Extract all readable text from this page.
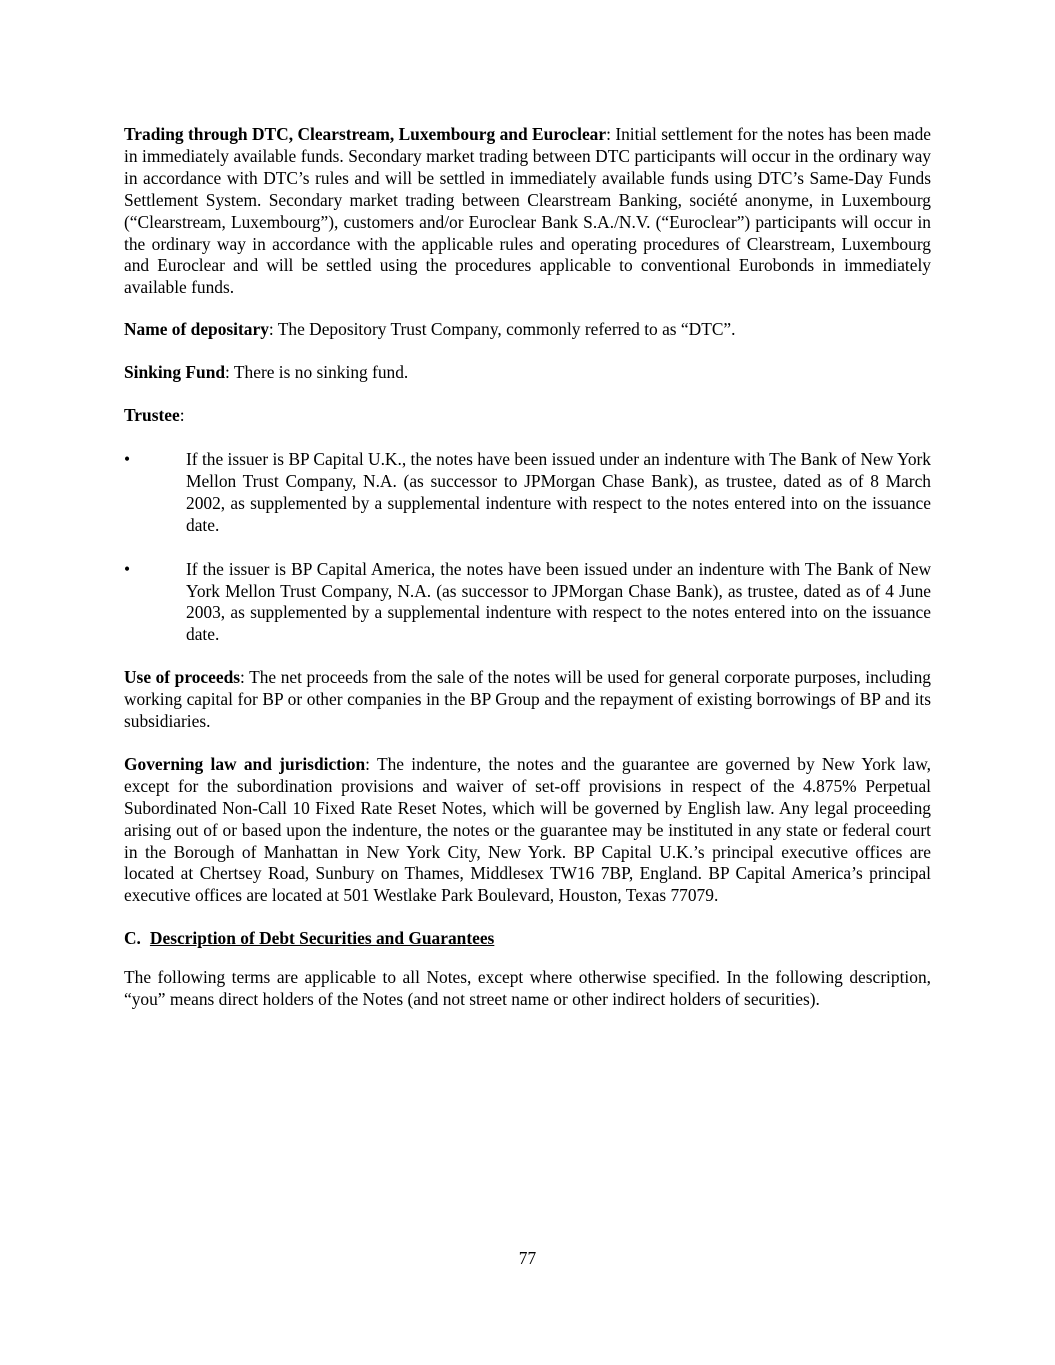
Trading through DTC, Clearstream, Luxembourg and Euroclear: Initial settlement for the notes has been made in immediately available funds. Secondary market trading between DTC participants will occur in the ordinary way in accordance with DTC’s rules and will be settled in immediately available funds using DTC’s Same-Day Funds Settlement System. Secondary market trading between Clearstream Banking, société anonyme, in Luxembourg (“Clearstream, Luxembourg”), customers and/or Euroclear Bank S.A./N.V. (“Euroclear”) participants will occur in the ordinary way in accordance with the applicable rules and operating procedures of Clearstream, Luxembourg and Euroclear and will be settled using the procedures applicable to conventional Eurobonds in immediately available funds.

Name of depositary: The Depository Trust Company, commonly referred to as “DTC”.

Sinking Fund: There is no sinking fund.

Trustee:

•	If the issuer is BP Capital U.K., the notes have been issued under an indenture with The Bank of New York Mellon Trust Company, N.A. (as successor to JPMorgan Chase Bank), as trustee, dated as of 8 March 2002, as supplemented by a supplemental indenture with respect to the notes entered into on the issuance date.

•	If the issuer is BP Capital America, the notes have been issued under an indenture with The Bank of New York Mellon Trust Company, N.A. (as successor to JPMorgan Chase Bank), as trustee, dated as of 4 June 2003, as supplemented by a supplemental indenture with respect to the notes entered into on the issuance date.

Use of proceeds: The net proceeds from the sale of the notes will be used for general corporate purposes, including working capital for BP or other companies in the BP Group and the repayment of existing borrowings of BP and its subsidiaries.

Governing law and jurisdiction: The indenture, the notes and the guarantee are governed by New York law, except for the subordination provisions and waiver of set-off provisions in respect of the 4.875% Perpetual Subordinated Non-Call 10 Fixed Rate Reset Notes, which will be governed by English law. Any legal proceeding arising out of or based upon the indenture, the notes or the guarantee may be instituted in any state or federal court in the Borough of Manhattan in New York City, New York. BP Capital U.K.’s principal executive offices are located at Chertsey Road, Sunbury on Thames, Middlesex TW16 7BP, England. BP Capital America’s principal executive offices are located at 501 Westlake Park Boulevard, Houston, Texas 77079.

C. Description of Debt Securities and Guarantees

The following terms are applicable to all Notes, except where otherwise specified. In the following description, “you” means direct holders of the Notes (and not street name or other indirect holders of securities).

77
